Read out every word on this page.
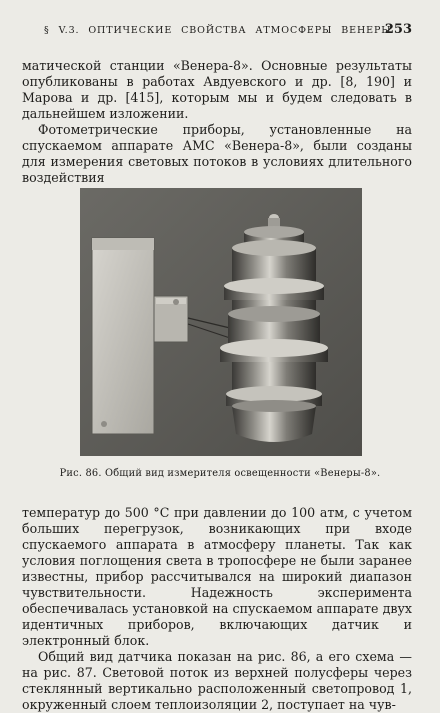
§ V.3. ОПТИЧЕСКИЕ СВОЙСТВА АТМОСФЕРЫ ВЕНЕРЫ
253

матической станции «Венера-8». Основные результаты опубликованы в работах Авдуевского и др. [8, 190] и Марова и др. [415], которым мы и будем следовать в дальнейшем изложении.

Фотометрические приборы, установленные на спускаемом аппарате АМС «Венера-8», были созданы для измерения световых потоков в условиях длительного воздействия

Рис. 86. Общий вид измерителя освещенности «Венеры-8».

температур до 500 °С при давлении до 100 атм, с учетом больших перегрузок, возникающих при входе спускаемого аппарата в атмосферу планеты. Так как условия поглощения света в тропосфере не были заранее известны, прибор рассчитывался на широкий диапазон чувствительности. Надежность эксперимента обеспечивалась установкой на спускаемом аппарате двух идентичных приборов, включающих датчик и электронный блок.

Общий вид датчика показан на рис. 86, а его схема — на рис. 87. Световой поток из верхней полусферы через стеклянный вертикально расположенный светопровод 1, окруженный слоем теплоизоляции 2, поступает на чув-
